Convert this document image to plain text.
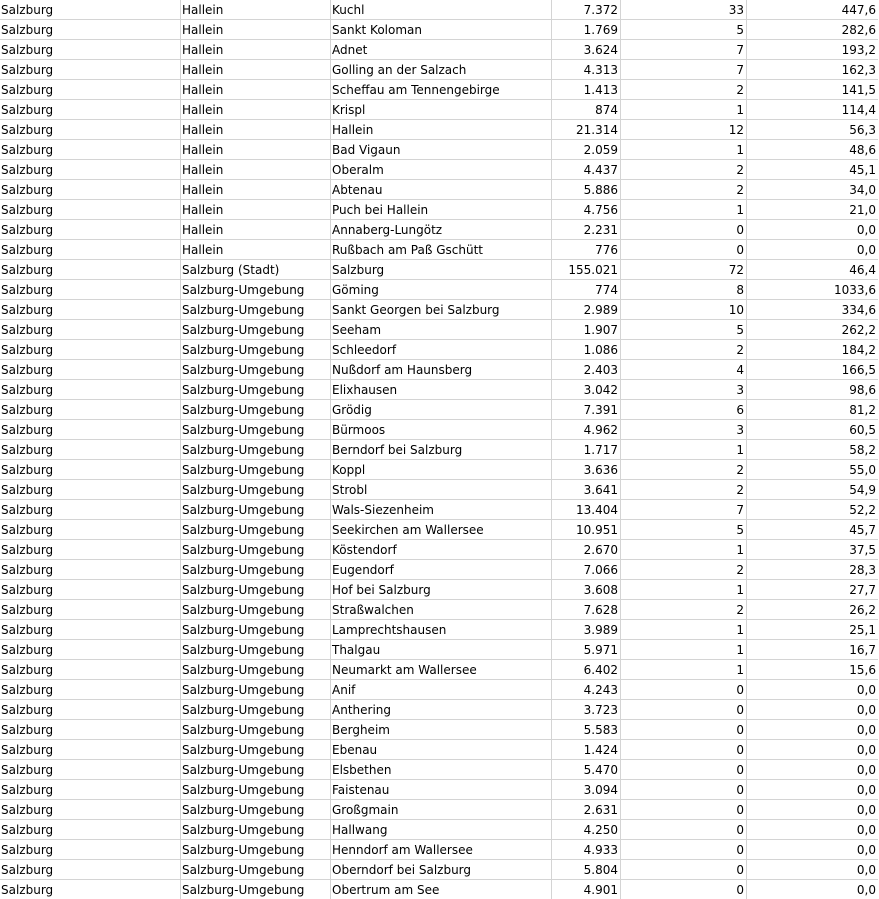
Salzburg	Hallein	Kuchl	7.372	33	447,6
Salzburg	Hallein	Sankt Koloman	1.769	5	282,6
Salzburg	Hallein	Adnet	3.624	7	193,2
Salzburg	Hallein	Golling an der Salzach	4.313	7	162,3
Salzburg	Hallein	Scheffau am Tennengebirge	1.413	2	141,5
Salzburg	Hallein	Krispl	874	1	114,4
Salzburg	Hallein	Hallein	21.314	12	56,3
Salzburg	Hallein	Bad Vigaun	2.059	1	48,6
Salzburg	Hallein	Oberalm	4.437	2	45,1
Salzburg	Hallein	Abtenau	5.886	2	34,0
Salzburg	Hallein	Puch bei Hallein	4.756	1	21,0
Salzburg	Hallein	Annaberg-Lungötz	2.231	0	0,0
Salzburg	Hallein	Rußbach am Paß Gschütt	776	0	0,0
Salzburg	Salzburg (Stadt)	Salzburg	155.021	72	46,4
Salzburg	Salzburg-Umgebung	Göming	774	8	1033,6
Salzburg	Salzburg-Umgebung	Sankt Georgen bei Salzburg	2.989	10	334,6
Salzburg	Salzburg-Umgebung	Seeham	1.907	5	262,2
Salzburg	Salzburg-Umgebung	Schleedorf	1.086	2	184,2
Salzburg	Salzburg-Umgebung	Nußdorf am Haunsberg	2.403	4	166,5
Salzburg	Salzburg-Umgebung	Elixhausen	3.042	3	98,6
Salzburg	Salzburg-Umgebung	Grödig	7.391	6	81,2
Salzburg	Salzburg-Umgebung	Bürmoos	4.962	3	60,5
Salzburg	Salzburg-Umgebung	Berndorf bei Salzburg	1.717	1	58,2
Salzburg	Salzburg-Umgebung	Koppl	3.636	2	55,0
Salzburg	Salzburg-Umgebung	Strobl	3.641	2	54,9
Salzburg	Salzburg-Umgebung	Wals-Siezenheim	13.404	7	52,2
Salzburg	Salzburg-Umgebung	Seekirchen am Wallersee	10.951	5	45,7
Salzburg	Salzburg-Umgebung	Köstendorf	2.670	1	37,5
Salzburg	Salzburg-Umgebung	Eugendorf	7.066	2	28,3
Salzburg	Salzburg-Umgebung	Hof bei Salzburg	3.608	1	27,7
Salzburg	Salzburg-Umgebung	Straßwalchen	7.628	2	26,2
Salzburg	Salzburg-Umgebung	Lamprechtshausen	3.989	1	25,1
Salzburg	Salzburg-Umgebung	Thalgau	5.971	1	16,7
Salzburg	Salzburg-Umgebung	Neumarkt am Wallersee	6.402	1	15,6
Salzburg	Salzburg-Umgebung	Anif	4.243	0	0,0
Salzburg	Salzburg-Umgebung	Anthering	3.723	0	0,0
Salzburg	Salzburg-Umgebung	Bergheim	5.583	0	0,0
Salzburg	Salzburg-Umgebung	Ebenau	1.424	0	0,0
Salzburg	Salzburg-Umgebung	Elsbethen	5.470	0	0,0
Salzburg	Salzburg-Umgebung	Faistenau	3.094	0	0,0
Salzburg	Salzburg-Umgebung	Großgmain	2.631	0	0,0
Salzburg	Salzburg-Umgebung	Hallwang	4.250	0	0,0
Salzburg	Salzburg-Umgebung	Henndorf am Wallersee	4.933	0	0,0
Salzburg	Salzburg-Umgebung	Oberndorf bei Salzburg	5.804	0	0,0
Salzburg	Salzburg-Umgebung	Obertrum am See	4.901	0	0,0
